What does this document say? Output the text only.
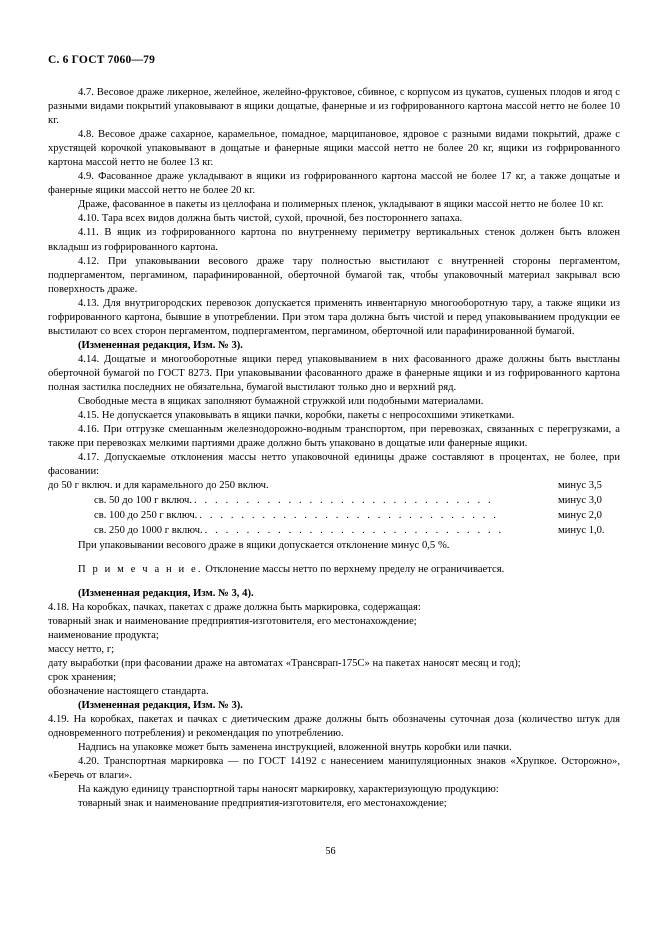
С. 6 ГОСТ 7060—79

4.7. Весовое драже ликерное, желейное, желейно-фруктовое, сбивное, с корпусом из цукатов, сушеных плодов и ягод с разными видами покрытий упаковывают в ящики дощатые, фанерные и из гофрированного картона массой нетто не более 10 кг.

4.8. Весовое драже сахарное, карамельное, помадное, марципановое, ядровое с разными видами покрытий, драже с хрустящей корочкой упаковывают в дощатые и фанерные ящики массой нетто не более 20 кг, ящики из гофрированного картона массой нетто не более 13 кг.

4.9. Фасованное драже укладывают в ящики из гофрированного картона массой не более 17 кг, а также дощатые и фанерные ящики массой нетто не более 20 кг.

Драже, фасованное в пакеты из целлофана и полимерных пленок, укладывают в ящики массой нетто не более 10 кг.

4.10. Тара всех видов должна быть чистой, сухой, прочной, без постороннего запаха.

4.11. В ящик из гофрированного картона по внутреннему периметру вертикальных стенок должен быть вложен вкладыш из гофрированного картона.

4.12. При упаковывании весового драже тару полностью выстилают с внутренней стороны пергаментом, подпергаментом, пергамином, парафинированной, оберточной бумагой так, чтобы упаковочный материал закрывал всю поверхность драже.

4.13. Для внутригородских перевозок допускается применять инвентарную многооборотную тару, а также ящики из гофрированного картона, бывшие в употреблении. При этом тара должна быть чистой и перед упаковыванием продукции ее выстилают со всех сторон пергаментом, подпергаментом, пергамином, оберточной или парафинированной бумагой.

(Измененная редакция, Изм. № 3).

4.14. Дощатые и многооборотные ящики перед упаковыванием в них фасованного драже должны быть выстланы оберточной бумагой по ГОСТ 8273. При упаковывании фасованного драже в фанерные ящики и из гофрированного картона полная застилка последних не обязательна, бумагой выстилают только дно и верхний ряд.

Свободные места в ящиках заполняют бумажной стружкой или подобными материалами.

4.15. Не допускается упаковывать в ящики пачки, коробки, пакеты с непросохшими этикетками.

4.16. При отгрузке смешанным железнодорожно-водным транспортом, при перевозках, связанных с перегрузками, а также при перевозках мелкими партиями драже должно быть упаковано в дощатые или фанерные ящики.

4.17. Допускаемые отклонения массы нетто упаковочной единицы драже составляют в процентах, не более, при фасовании:

до 50 г включ. и для карамельного до 250 включ.	минус 3,5
св. 50 до 100 г включ. . . . . . . . . . . . . . . . . . . . . . . . . . . . . .	минус 3,0
св. 100 до 250 г включ. . . . . . . . . . . . . . . . . . . . . . . . . . . . . .	минус 2,0
св. 250 до 1000 г включ. . . . . . . . . . . . . . . . . . . . . . . . . . . . . .	минус 1,0.

При упаковывании весового драже в ящики допускается отклонение минус 0,5 %.

П р и м е ч а н и е. Отклонение массы нетто по верхнему пределу не ограничивается.

(Измененная редакция, Изм. № 3, 4).

4.18. На коробках, пачках, пакетах с драже должна быть маркировка, содержащая:

товарный знак и наименование предприятия-изготовителя, его местонахождение;

наименование продукта;

массу нетто, г;

дату выработки (при фасовании драже на автоматах «Трансврап-175С» на пакетах наносят месяц и год);

срок хранения;

обозначение настоящего стандарта.

(Измененная редакция, Изм. № 3).

4.19. На коробках, пакетах и пачках с диетическим драже должны быть обозначены суточная доза (количество штук для одновременного потребления) и рекомендация по употреблению.

Надпись на упаковке может быть заменена инструкцией, вложенной внутрь коробки или пачки.

4.20. Транспортная маркировка — по ГОСТ 14192 с нанесением манипуляционных знаков «Хрупкое. Осторожно», «Беречь от влаги».

На каждую единицу транспортной тары наносят маркировку, характеризующую продукцию:

товарный знак и наименование предприятия-изготовителя, его местонахождение;

56
